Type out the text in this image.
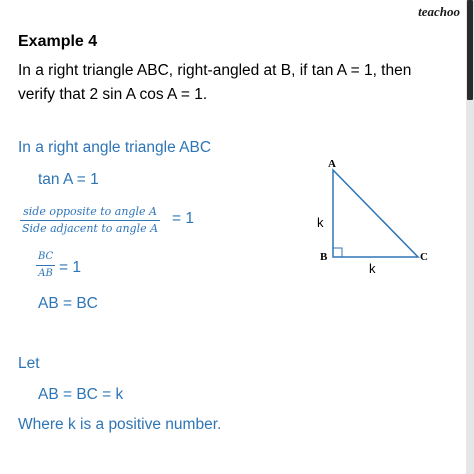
teachoo
Example 4
In a right triangle ABC, right-angled at B, if tan A = 1, then verify that 2 sin A cos A = 1.
In a right angle triangle ABC
tan A = 1
side opposite to angle A
Side adjacent to angle A
= 1
BC
AB = 1
AB = BC
Let
AB = BC = k
Where k is a positive number.
A
B	C
k
k
